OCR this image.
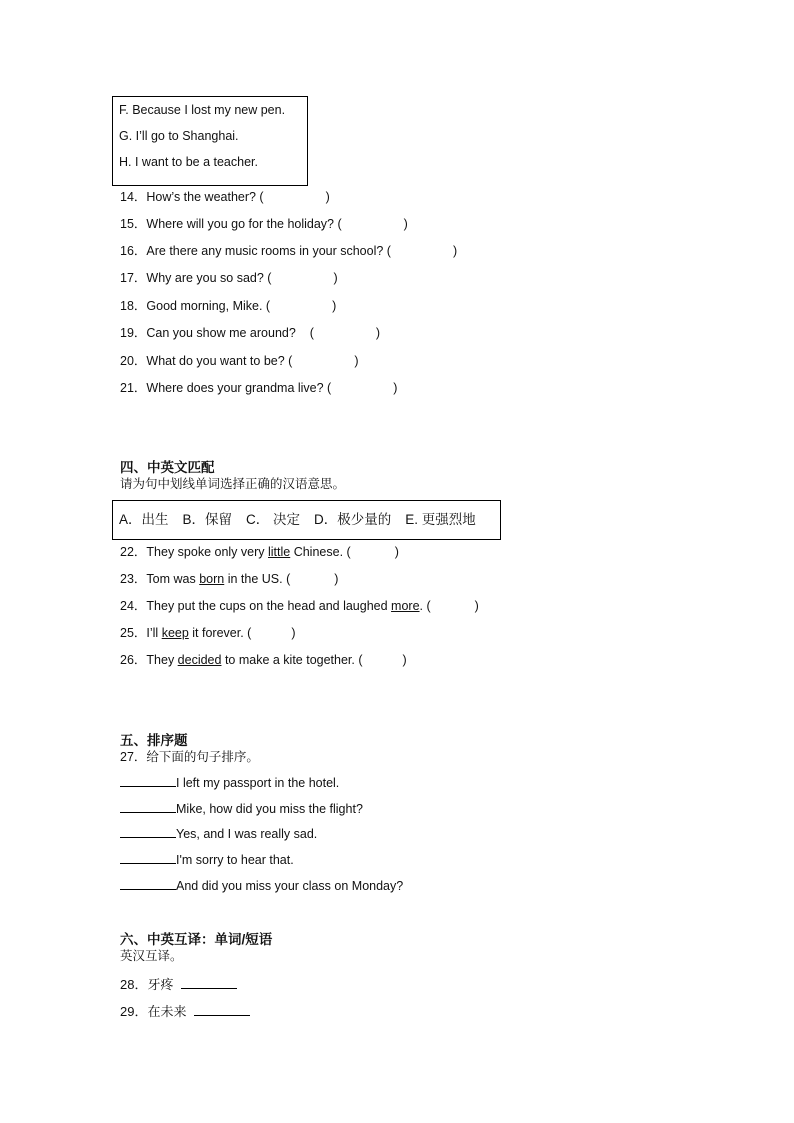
F. Because I lost my new pen.
G. I’ll go to Shanghai.
H. I want to be a teacher.
14．How’s the weather? (	)
15．Where will you go for the holiday? (	)
16．Are there any music rooms in your school? (	)
17．Why are you so sad? (	)
18．Good morning, Mike. (	)
19．Can you show me around?    (	)
20．What do you want to be? (	)
21．Where does your grandma live? (	)
四、中英文匹配
请为句中划线单词选择正确的汉语意思。
A．出生 B．保留 C． 决定 D．极少量的 E. 更强烈地
22．They spoke only very little Chinese. (	)
23．Tom was born in the US. (	)
24．They put the cups on the head and laughed more. (	)
25．I’ll keep it forever. (	)
26．They decided to make a kite together. (	)
五、排序题
27．给下面的句子排序。
I left my passport in the hotel.
Mike, how did you miss the flight?
Yes, and I was really sad.
I'm sorry to hear that.
And did you miss your class on Monday?
六、中英互译：单词/短语
英汉互译。
28．牙疼
29．在未来
